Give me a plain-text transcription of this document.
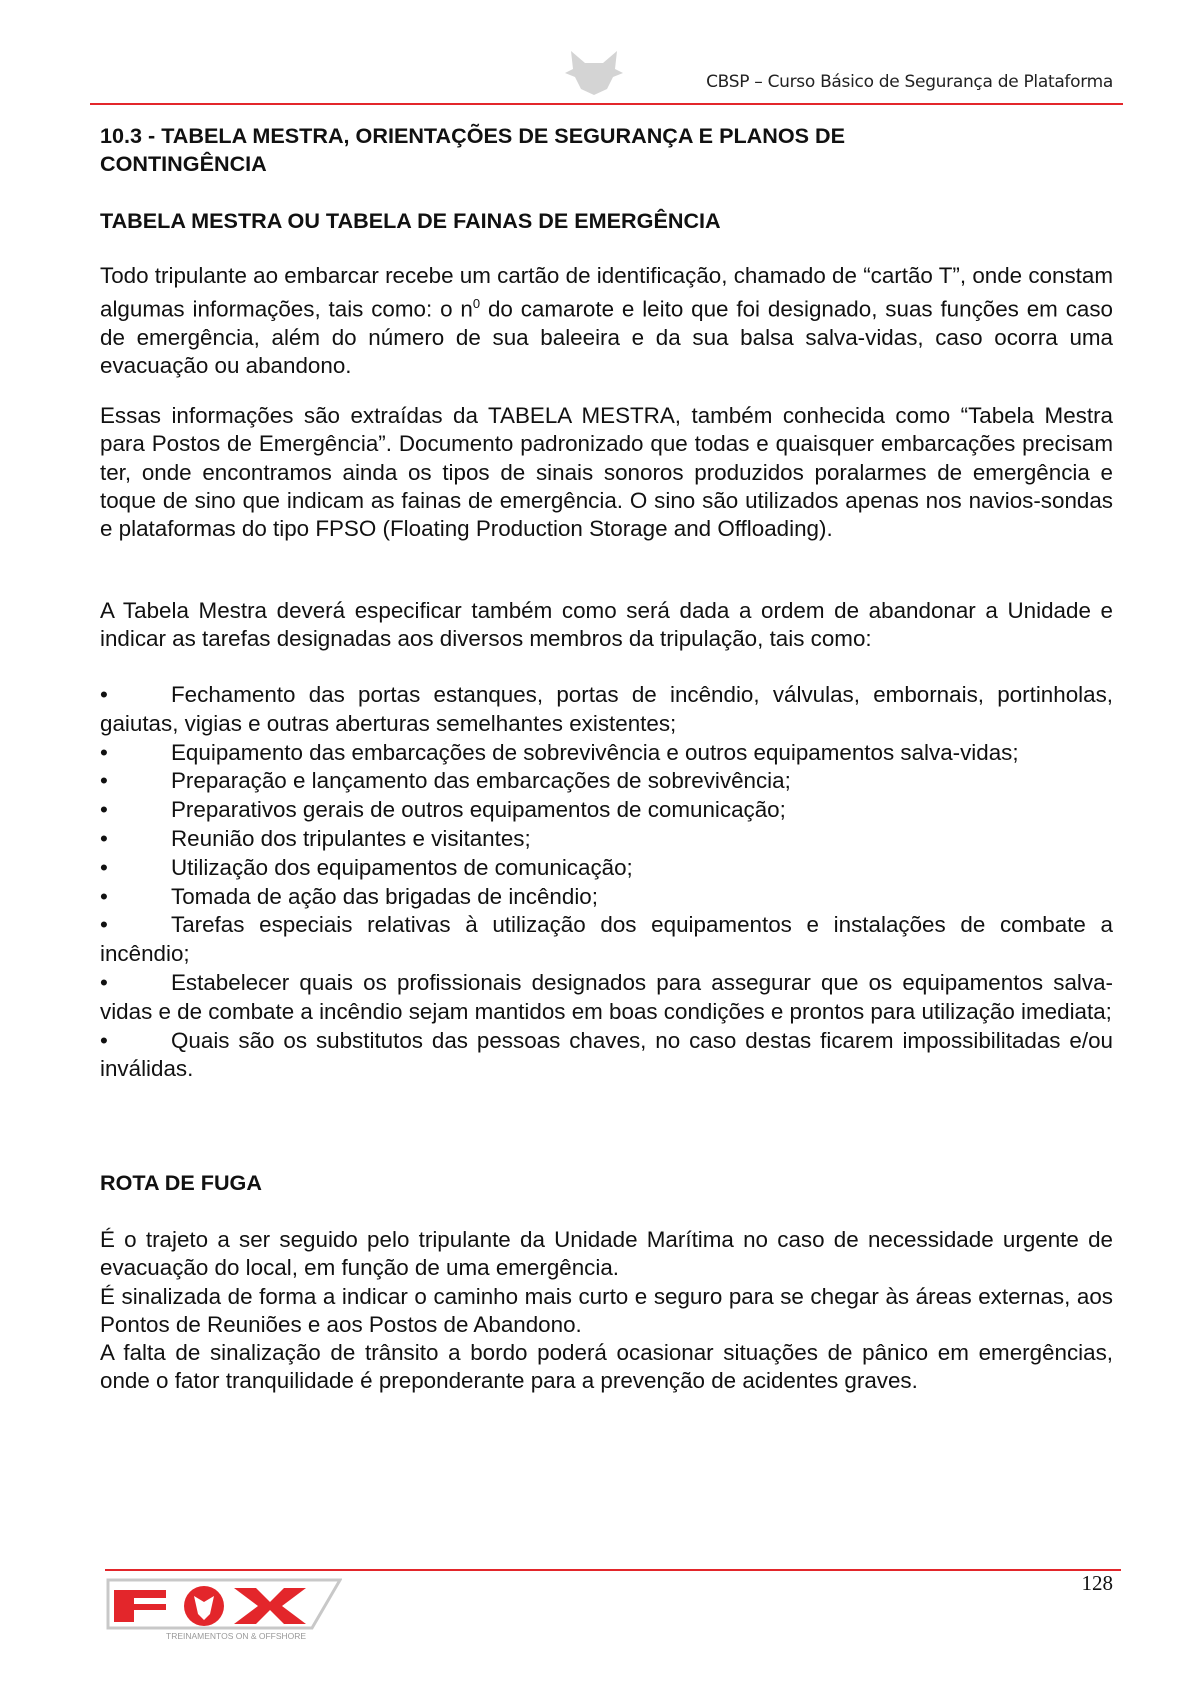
CBSP – Curso Básico de Segurança de Plataforma
10.3 - TABELA MESTRA, ORIENTAÇÕES DE SEGURANÇA E PLANOS DE
CONTINGÊNCIA
TABELA MESTRA OU TABELA DE FAINAS DE EMERGÊNCIA

Todo tripulante ao embarcar recebe um cartão de identificação, chamado de “cartão T”, onde constam algumas informações, tais como: o $n^0$ do camarote e leito que foi designado, suas funções em caso de emergência, além do número de sua baleeira e da sua balsa salva-vidas, caso ocorra uma evacuação ou abandono.

Essas informações são extraídas da TABELA MESTRA, também conhecida como “Tabela Mestra para Postos de Emergência”. Documento padronizado que todas e quaisquer embarcações precisam ter, onde encontramos ainda os tipos de sinais sonoros produzidos poralarmes de emergência e toque de sino que indicam as fainas de emergência. O sino são utilizados apenas nos navios-sondas e plataformas do tipo FPSO (Floating Production Storage and Offloading).

A Tabela Mestra deverá especificar também como será dada a ordem de abandonar a Unidade e indicar as tarefas designadas aos diversos membros da tripulação, tais como:

•	Fechamento das portas estanques, portas de incêndio, válvulas, embornais, portinholas, gaiutas, vigias e outras aberturas semelhantes existentes;

•	Equipamento das embarcações de sobrevivência e outros equipamentos salva-vidas;

•	Preparação e lançamento das embarcações de sobrevivência;

•	Preparativos gerais de outros equipamentos de comunicação;

•	Reunião dos tripulantes e visitantes;

•	Utilização dos equipamentos de comunicação;

•	Tomada de ação das brigadas de incêndio;

•	Tarefas especiais relativas à utilização dos equipamentos e instalações de combate a incêndio;

•	Estabelecer quais os profissionais designados para assegurar que os equipamentos salva-vidas e de combate a incêndio sejam mantidos em boas condições e prontos para utilização imediata;

•	Quais são os substitutos das pessoas chaves, no caso destas ficarem impossibilitadas e/ou inválidas.

ROTA DE FUGA

É o trajeto a ser seguido pelo tripulante da Unidade Marítima no caso de necessidade urgente de evacuação do local, em função de uma emergência.

É sinalizada de forma a indicar o caminho mais curto e seguro para se chegar às áreas externas, aos Pontos de Reuniões e aos Postos de Abandono.

A falta de sinalização de trânsito a bordo poderá ocasionar situações de pânico em emergências, onde o fator tranquilidade é preponderante para a prevenção de acidentes graves.

128
TREINAMENTOS ON & OFFSHORE
